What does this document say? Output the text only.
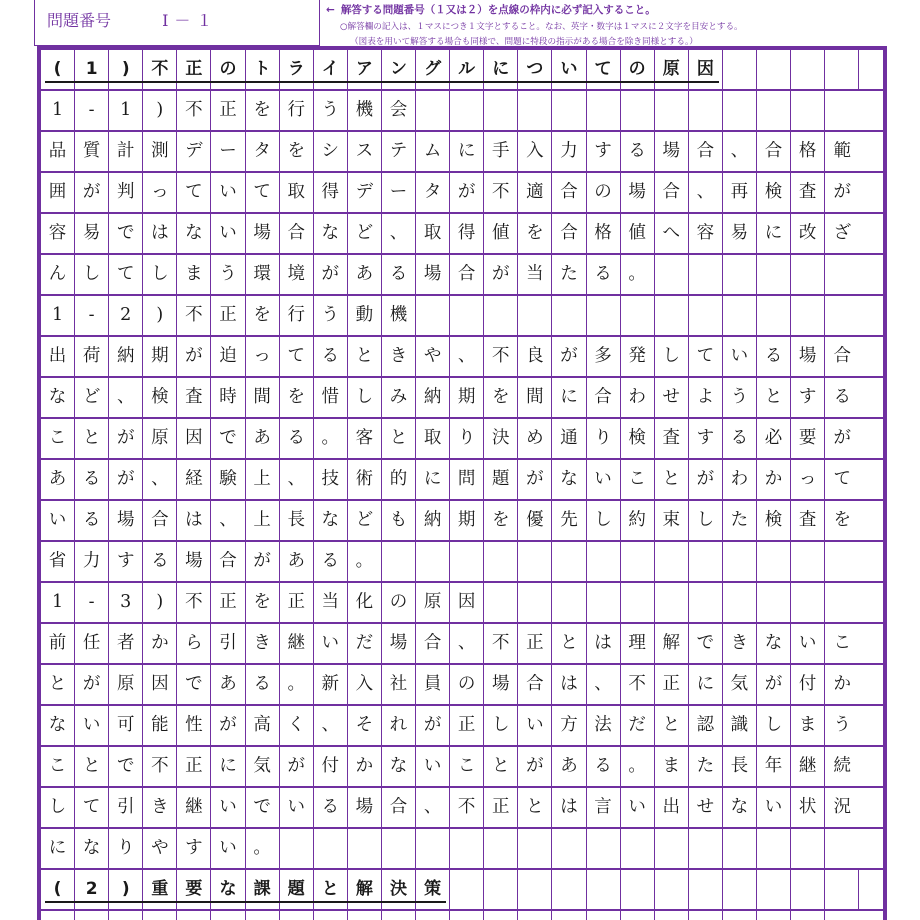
問題番号	Ⅰ－１
← 解答する問題番号（１又は２）を点線の枠内に必ず記入すること。
○解答欄の記入は、１マスにつき１文字とすること。なお、英字・数字は１マスに２文字を目安とする。
（図表を用いて解答する場合も同様で、問題に特段の指示がある場合を除き同様とする。）
(	1	)	不	正	の	ト	ラ	イ	ア	ン	グ	ル	に	つ	い	て	の	原	因
1	-	1	)	不 正 を 行 う 機 会
品 質 計 測 デ ー タ を シ ス テ ム に 手 入 力 す る 場 合 、 合 格 範
囲 が 判 っ て い て 取 得 デ ー タ が 不 適 合 の 場 合 、 再 検 査 が
容 易 で は な い 場 合 な ど 、 取 得 値 を 合 格 値 へ 容 易 に 改 ざ
ん し て し ま う 環 境 が あ る 場 合 が 当 た る 。
1	-	2	)	不 正 を 行 う 動 機
出 荷 納 期 が 迫 っ て る と き や 、 不 良 が 多 発 し て い る 場 合
な ど 、 検 査 時 間 を 惜 し み 納 期 を 間 に 合 わ せ よ う と す る
こ と が 原 因 で あ る 。 客 と 取 り 決 め 通 り 検 査 す る 必 要 が
あ る が 、 経 験 上 、 技 術 的 に 問 題 が な い こ と が わ か っ て
い る 場 合 は 、 上 長 な ど も 納 期 を 優 先 し 約 束 し た 検 査 を
省 力 す る 場 合 が あ る 。
1	-	3	)	不 正 を 正 当 化 の 原 因
前 任 者 か ら 引 き 継 い だ 場 合 、 不 正 と は 理 解 で き な い こ
と が 原 因 で あ る 。 新 入 社 員 の 場 合 は 、 不 正 に 気 が 付 か
な い 可 能 性 が 高 く 、 そ れ が 正 し い 方 法 だ と 認 識 し ま う
こ と で 不 正 に 気 が 付 か な い こ と が あ る 。 ま た 長 年 継 続
し て 引 き 継 い で い る 場 合 、 不 正 と は 言 い 出 せ な い 状 況
に な り や す い 。
(	2	)	重	要	な	課	題	と	解	決	策
